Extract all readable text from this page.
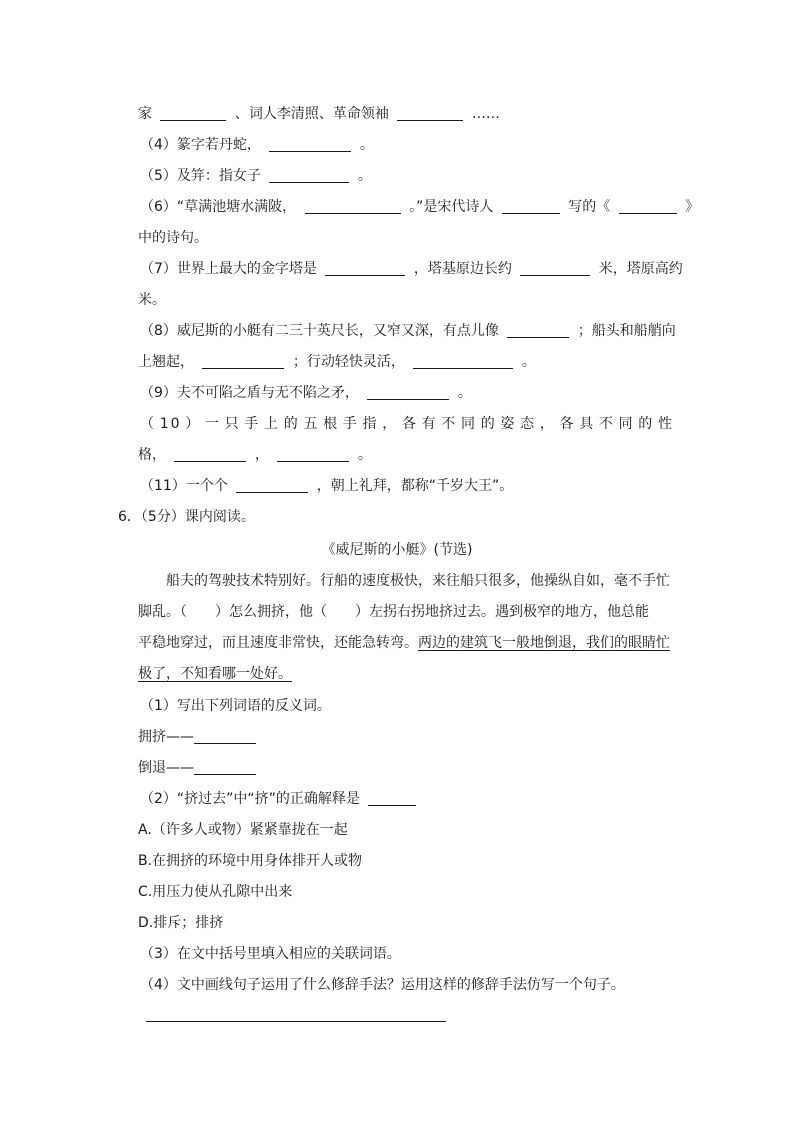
家	、词人李清照、革命领袖	……
（4）篆字若丹蛇，	。
（5）及笄：指女子	。
（6）“草满池塘水满陂，	。”是宋代诗人	写的《	》
中的诗句。
（7）世界上最大的金字塔是	，塔基原边长约	米，塔原高约
米。
（8）威尼斯的小艇有二三十英尺长，又窄又深，有点儿像	；船头和船艄向
上翘起，	；行动轻快灵活，	。
（9）夫不可陷之盾与无不陷之矛，	。
（10）一只手上的五根手指，各有不同的姿态，各具不同的性
格，	，	。
（11）一个个	，朝上礼拜，都称“千岁大王”。
6．（5分）课内阅读。
《威尼斯的小艇》(节选)
船夫的驾驶技术特别好。行船的速度极快，来往船只很多，他操纵自如，毫不手忙
脚乱。（　　）怎么拥挤，他（　　）左拐右拐地挤过去。遇到极窄的地方，他总能
平稳地穿过，而且速度非常快，还能急转弯。两边的建筑飞一般地倒退，我们的眼睛忙
极了，不知看哪一处好。
（1）写出下列词语的反义词。
拥挤——
倒退——
（2）“挤过去”中“挤”的正确解释是
A.（许多人或物）紧紧靠拢在一起
B.在拥挤的环境中用身体排开人或物
C.用压力使从孔隙中出来
D.排斥；排挤
（3）在文中括号里填入相应的关联词语。
（4）文中画线句子运用了什么修辞手法？运用这样的修辞手法仿写一个句子。
